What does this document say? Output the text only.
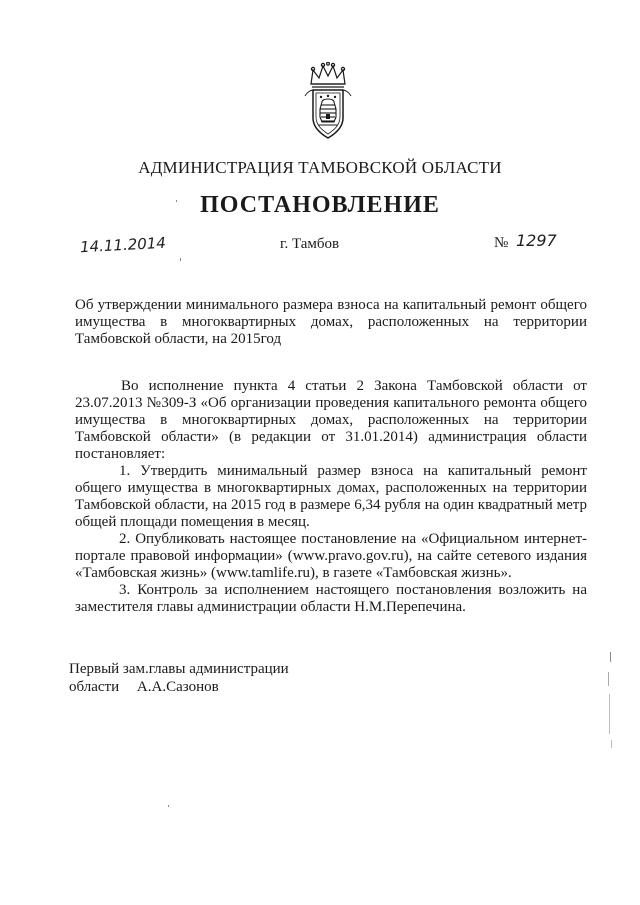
АДМИНИСТРАЦИЯ ТАМБОВСКОЙ ОБЛАСТИ
ПОСТАНОВЛЕНИЕ
14.11.2014	г. Тамбов	№ 1297
Об утверждении минимального размера взноса на капитальный ремонт общего имущества в многоквартирных домах, расположенных на территории Тамбовской области, на 2015год

Во исполнение пункта 4 статьи 2 Закона Тамбовской области от 23.07.2013 №309-З «Об организации проведения капитального ремонта общего имущества в многоквартирных домах, расположенных на территории Тамбовской области» (в редакции от 31.01.2014) администрация области постановляет:

1. Утвердить минимальный размер взноса на капитальный ремонт общего имущества в многоквартирных домах, расположенных на территории Тамбовской области, на 2015 год в размере 6,34 рубля на один квадратный метр общей площади помещения в месяц.

2. Опубликовать настоящее постановление на «Официальном интернет-портале правовой информации» (www.pravo.gov.ru), на сайте сетевого издания «Тамбовская жизнь» (www.tamlife.ru), в газете «Тамбовская жизнь».

3. Контроль за исполнением настоящего постановления возложить на заместителя главы администрации области Н.М.Перепечина.

Первый зам.главы администрации
области А.А.Сазонов
